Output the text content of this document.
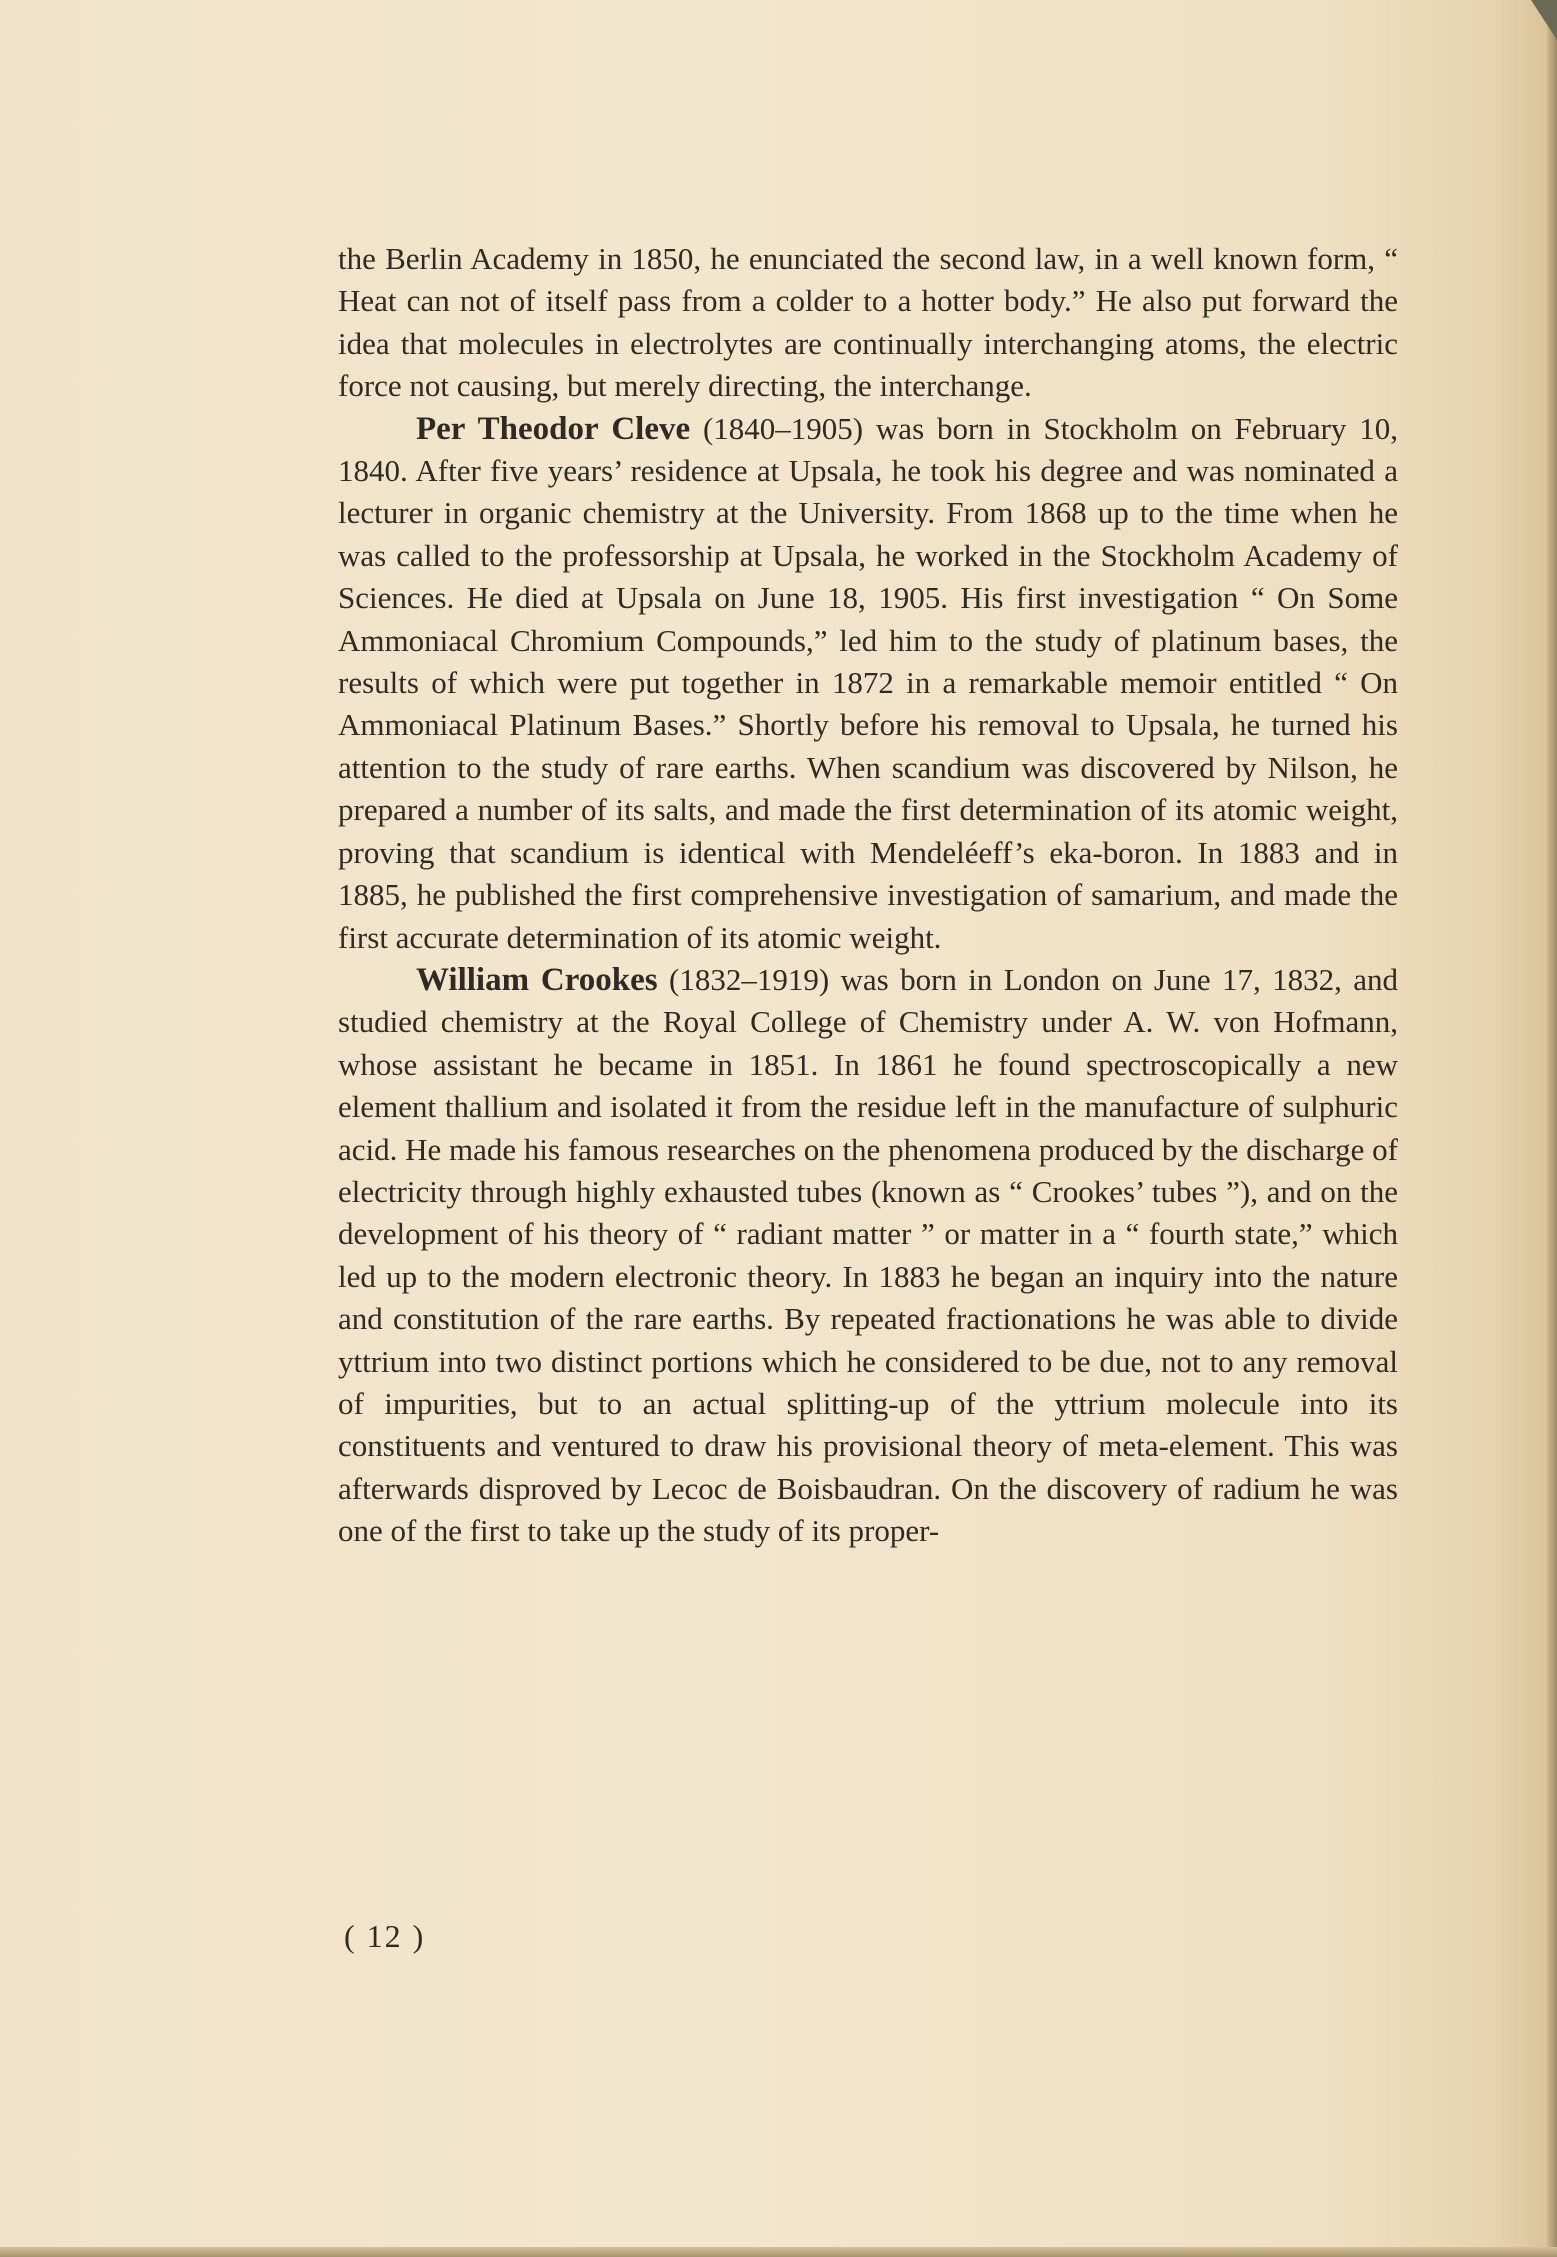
the Berlin Academy in 1850, he enunciated the second law, in a well known form, “ Heat can not of itself pass from a colder to a hotter body.” He also put forward the idea that molecules in electrolytes are continually interchanging atoms, the electric force not causing, but merely directing, the interchange.

Per Theodor Cleve (1840–1905) was born in Stockholm on February 10, 1840. After five years’ residence at Upsala, he took his degree and was nominated a lecturer in organic chemistry at the University. From 1868 up to the time when he was called to the professorship at Upsala, he worked in the Stockholm Academy of Sciences. He died at Upsala on June 18, 1905. His first investigation “ On Some Ammoniacal Chromium Compounds,” led him to the study of platinum bases, the results of which were put together in 1872 in a remarkable memoir entitled “ On Ammoniacal Platinum Bases.” Shortly before his removal to Upsala, he turned his attention to the study of rare earths. When scandium was discovered by Nilson, he prepared a number of its salts, and made the first determination of its atomic weight, proving that scandium is identical with Mendeléeff’s eka-boron. In 1883 and in 1885, he published the first comprehensive investigation of samarium, and made the first accurate determination of its atomic weight.

William Crookes (1832–1919) was born in London on June 17, 1832, and studied chemistry at the Royal College of Chemistry under A. W. von Hofmann, whose assistant he became in 1851. In 1861 he found spectroscopically a new element thallium and isolated it from the residue left in the manufacture of sulphuric acid. He made his famous researches on the phenomena produced by the discharge of electricity through highly exhausted tubes (known as “ Crookes’ tubes ”), and on the development of his theory of “ radiant matter ” or matter in a “ fourth state,” which led up to the modern electronic theory. In 1883 he began an inquiry into the nature and constitution of the rare earths. By repeated fractionations he was able to divide yttrium into two distinct portions which he considered to be due, not to any removal of impurities, but to an actual splitting-up of the yttrium molecule into its constituents and ventured to draw his provisional theory of meta-element. This was afterwards disproved by Lecoc de Boisbaudran. On the discovery of radium he was one of the first to take up the study of its proper-

( 12 )
